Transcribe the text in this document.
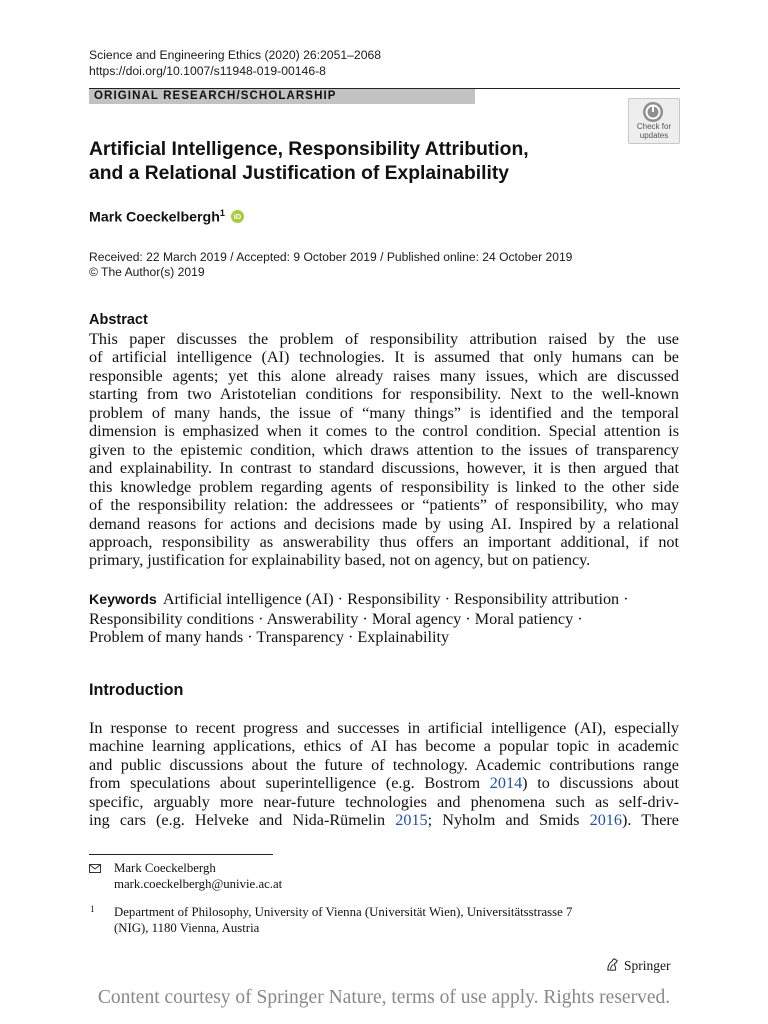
Science and Engineering Ethics (2020) 26:2051–2068
https://doi.org/10.1007/s11948-019-00146-8
ORIGINAL RESEARCH/SCHOLARSHIP
Check for
updates
Artificial Intelligence, Responsibility Attribution,
and a Relational Justification of Explainability
Mark Coeckelbergh$^1$	iD
Received: 22 March 2019 / Accepted: 9 October 2019 / Published online: 24 October 2019
© The Author(s) 2019
Abstract
This paper discusses the problem of responsibility attribution raised by the use
of artificial intelligence (AI) technologies. It is assumed that only humans can be
responsible agents; yet this alone already raises many issues, which are discussed
starting from two Aristotelian conditions for responsibility. Next to the well-known
problem of many hands, the issue of “many things” is identified and the temporal
dimension is emphasized when it comes to the control condition. Special attention is
given to the epistemic condition, which draws attention to the issues of transparency
and explainability. In contrast to standard discussions, however, it is then argued that
this knowledge problem regarding agents of responsibility is linked to the other side
of the responsibility relation: the addressees or “patients” of responsibility, who may
demand reasons for actions and decisions made by using AI. Inspired by a relational
approach, responsibility as answerability thus offers an important additional, if not
primary, justification for explainability based, not on agency, but on patiency.
Keywords Artificial intelligence (AI) · Responsibility · Responsibility attribution ·
Responsibility conditions · Answerability · Moral agency · Moral patiency ·
Problem of many hands · Transparency · Explainability
Introduction
In response to recent progress and successes in artificial intelligence (AI), especially
machine learning applications, ethics of AI has become a popular topic in academic
and public discussions about the future of technology. Academic contributions range
from speculations about superintelligence (e.g. Bostrom 2014) to discussions about
specific, arguably more near-future technologies and phenomena such as self-driv-
ing cars (e.g. Helveke and Nida-Rümelin 2015; Nyholm and Smids 2016). There
Mark Coeckelbergh
mark.coeckelbergh@univie.ac.at
1 Department of Philosophy, University of Vienna (Universität Wien), Universitätsstrasse 7
(NIG), 1180 Vienna, Austria
Springer
Content courtesy of Springer Nature, terms of use apply. Rights reserved.
